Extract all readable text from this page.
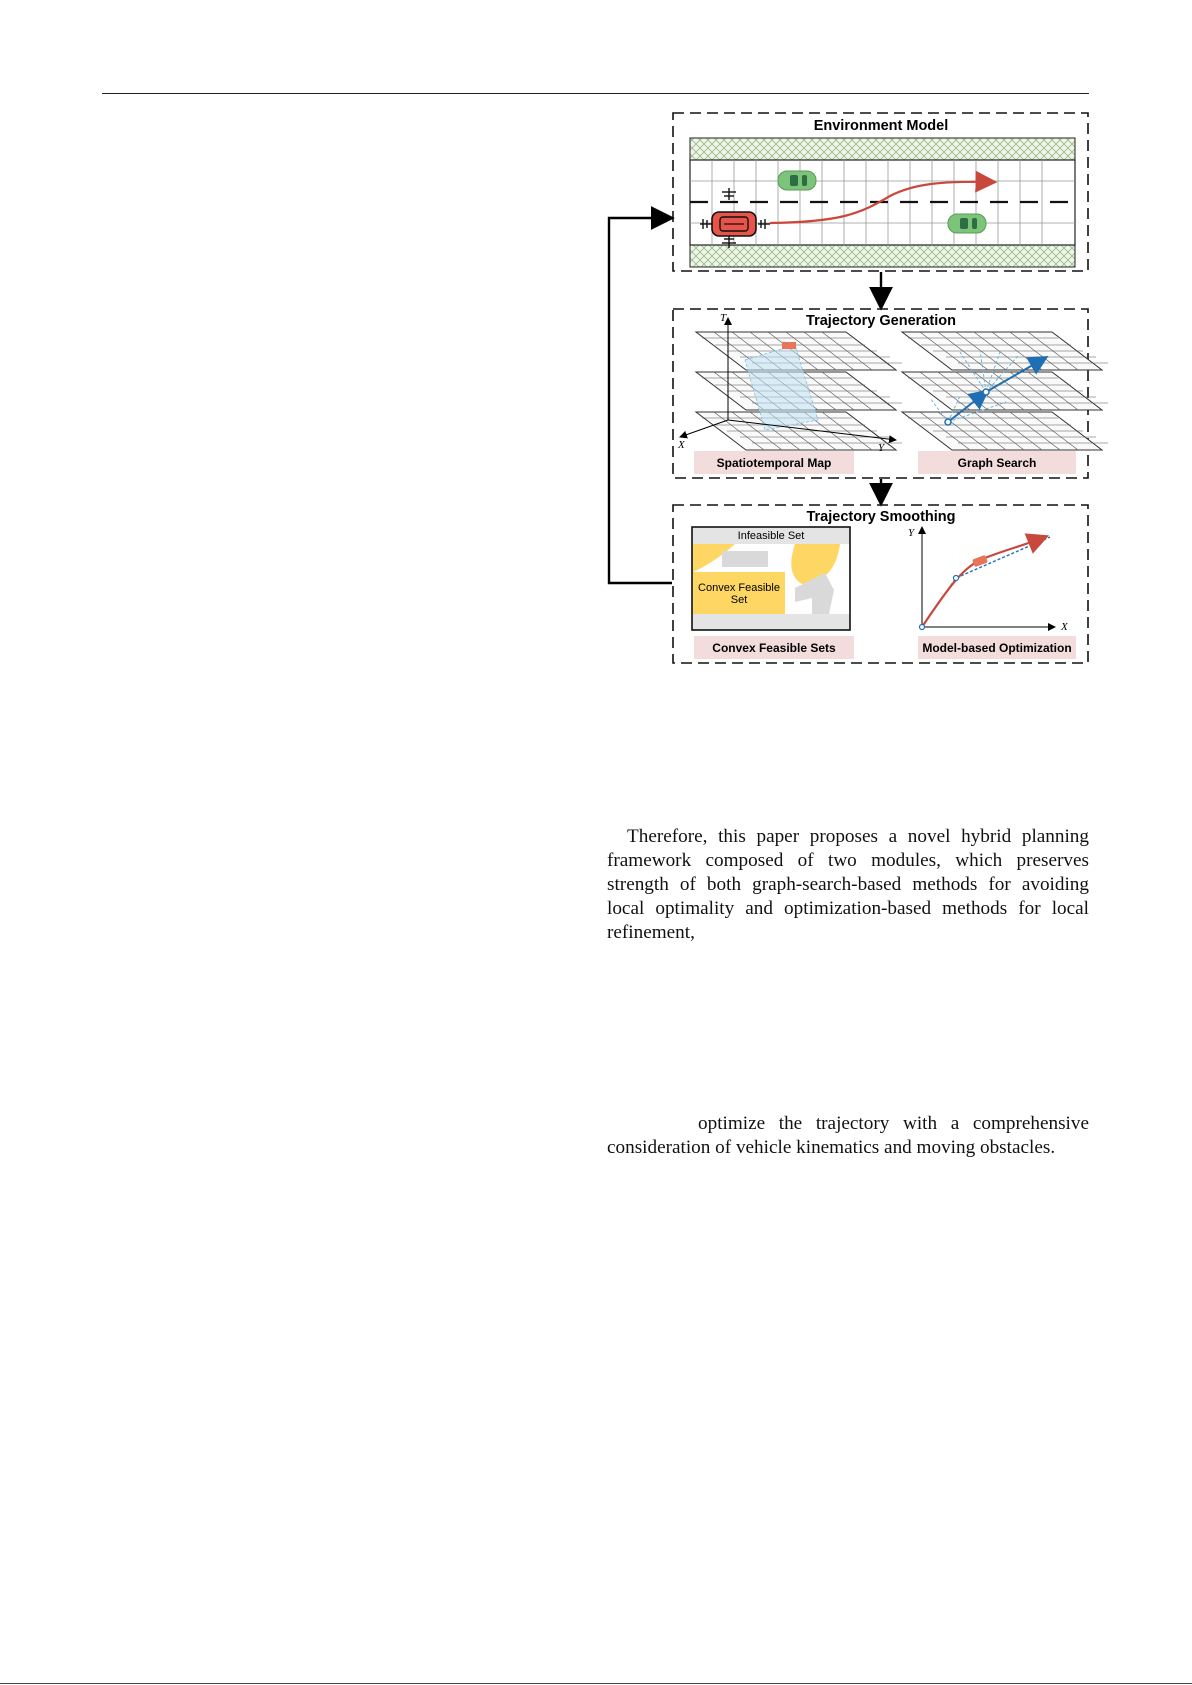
Environment Model
Trajectory Generation
T
X	Y
Spatiotemporal Map	Graph Search
Trajectory Smoothing
Infeasible Set
Convex Feasible
Set
Y
X
Convex Feasible Sets	Model-based Optimization

Therefore, this paper proposes a novel hybrid planning framework composed of two modules, which preserves strength of both graph-search-based methods for avoiding local optimality and optimization-based methods for local refinement,

optimize the trajectory with a comprehensive consideration of vehicle kinematics and moving obstacles.
